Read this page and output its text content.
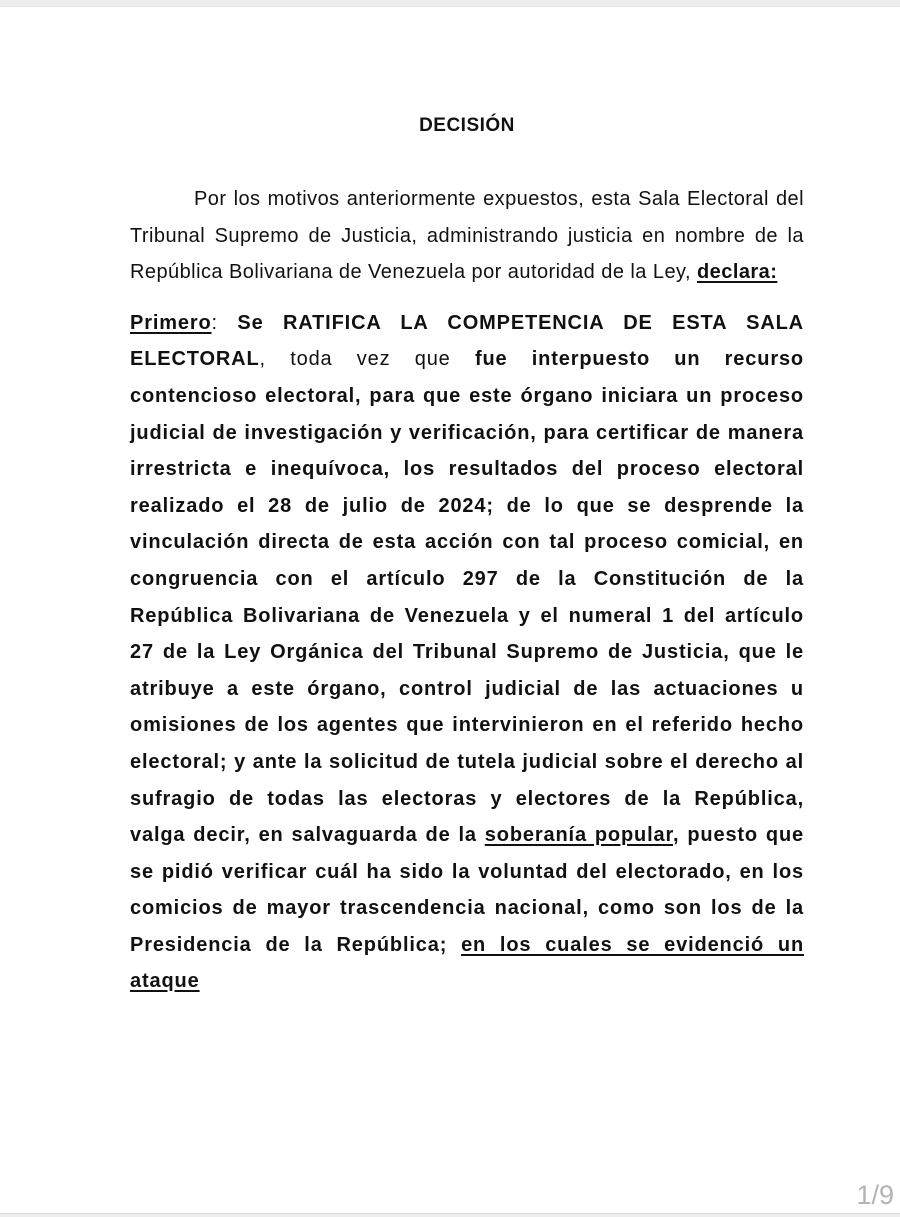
DECISIÓN

Por los motivos anteriormente expuestos, esta Sala Electoral del Tribunal Supremo de Justicia, administrando justicia en nombre de la República Bolivariana de Venezuela por autoridad de la Ley, declara:

Primero: Se RATIFICA LA COMPETENCIA DE ESTA SALA ELECTORAL, toda vez que fue interpuesto un recurso contencioso electoral, para que este órgano iniciara un proceso judicial de investigación y verificación, para certificar de manera irrestricta e inequívoca, los resultados del proceso electoral realizado el 28 de julio de 2024; de lo que se desprende la vinculación directa de esta acción con tal proceso comicial, en congruencia con el artículo 297 de la Constitución de la República Bolivariana de Venezuela y el numeral 1 del artículo 27 de la Ley Orgánica del Tribunal Supremo de Justicia, que le atribuye a este órgano, control judicial de las actuaciones u omisiones de los agentes que intervinieron en el referido hecho electoral; y ante la solicitud de tutela judicial sobre el derecho al sufragio de todas las electoras y electores de la República, valga decir, en salvaguarda de la soberanía popular, puesto que se pidió verificar cuál ha sido la voluntad del electorado, en los comicios de mayor trascendencia nacional, como son los de la Presidencia de la República; en los cuales se evidenció un ataque

1/9
